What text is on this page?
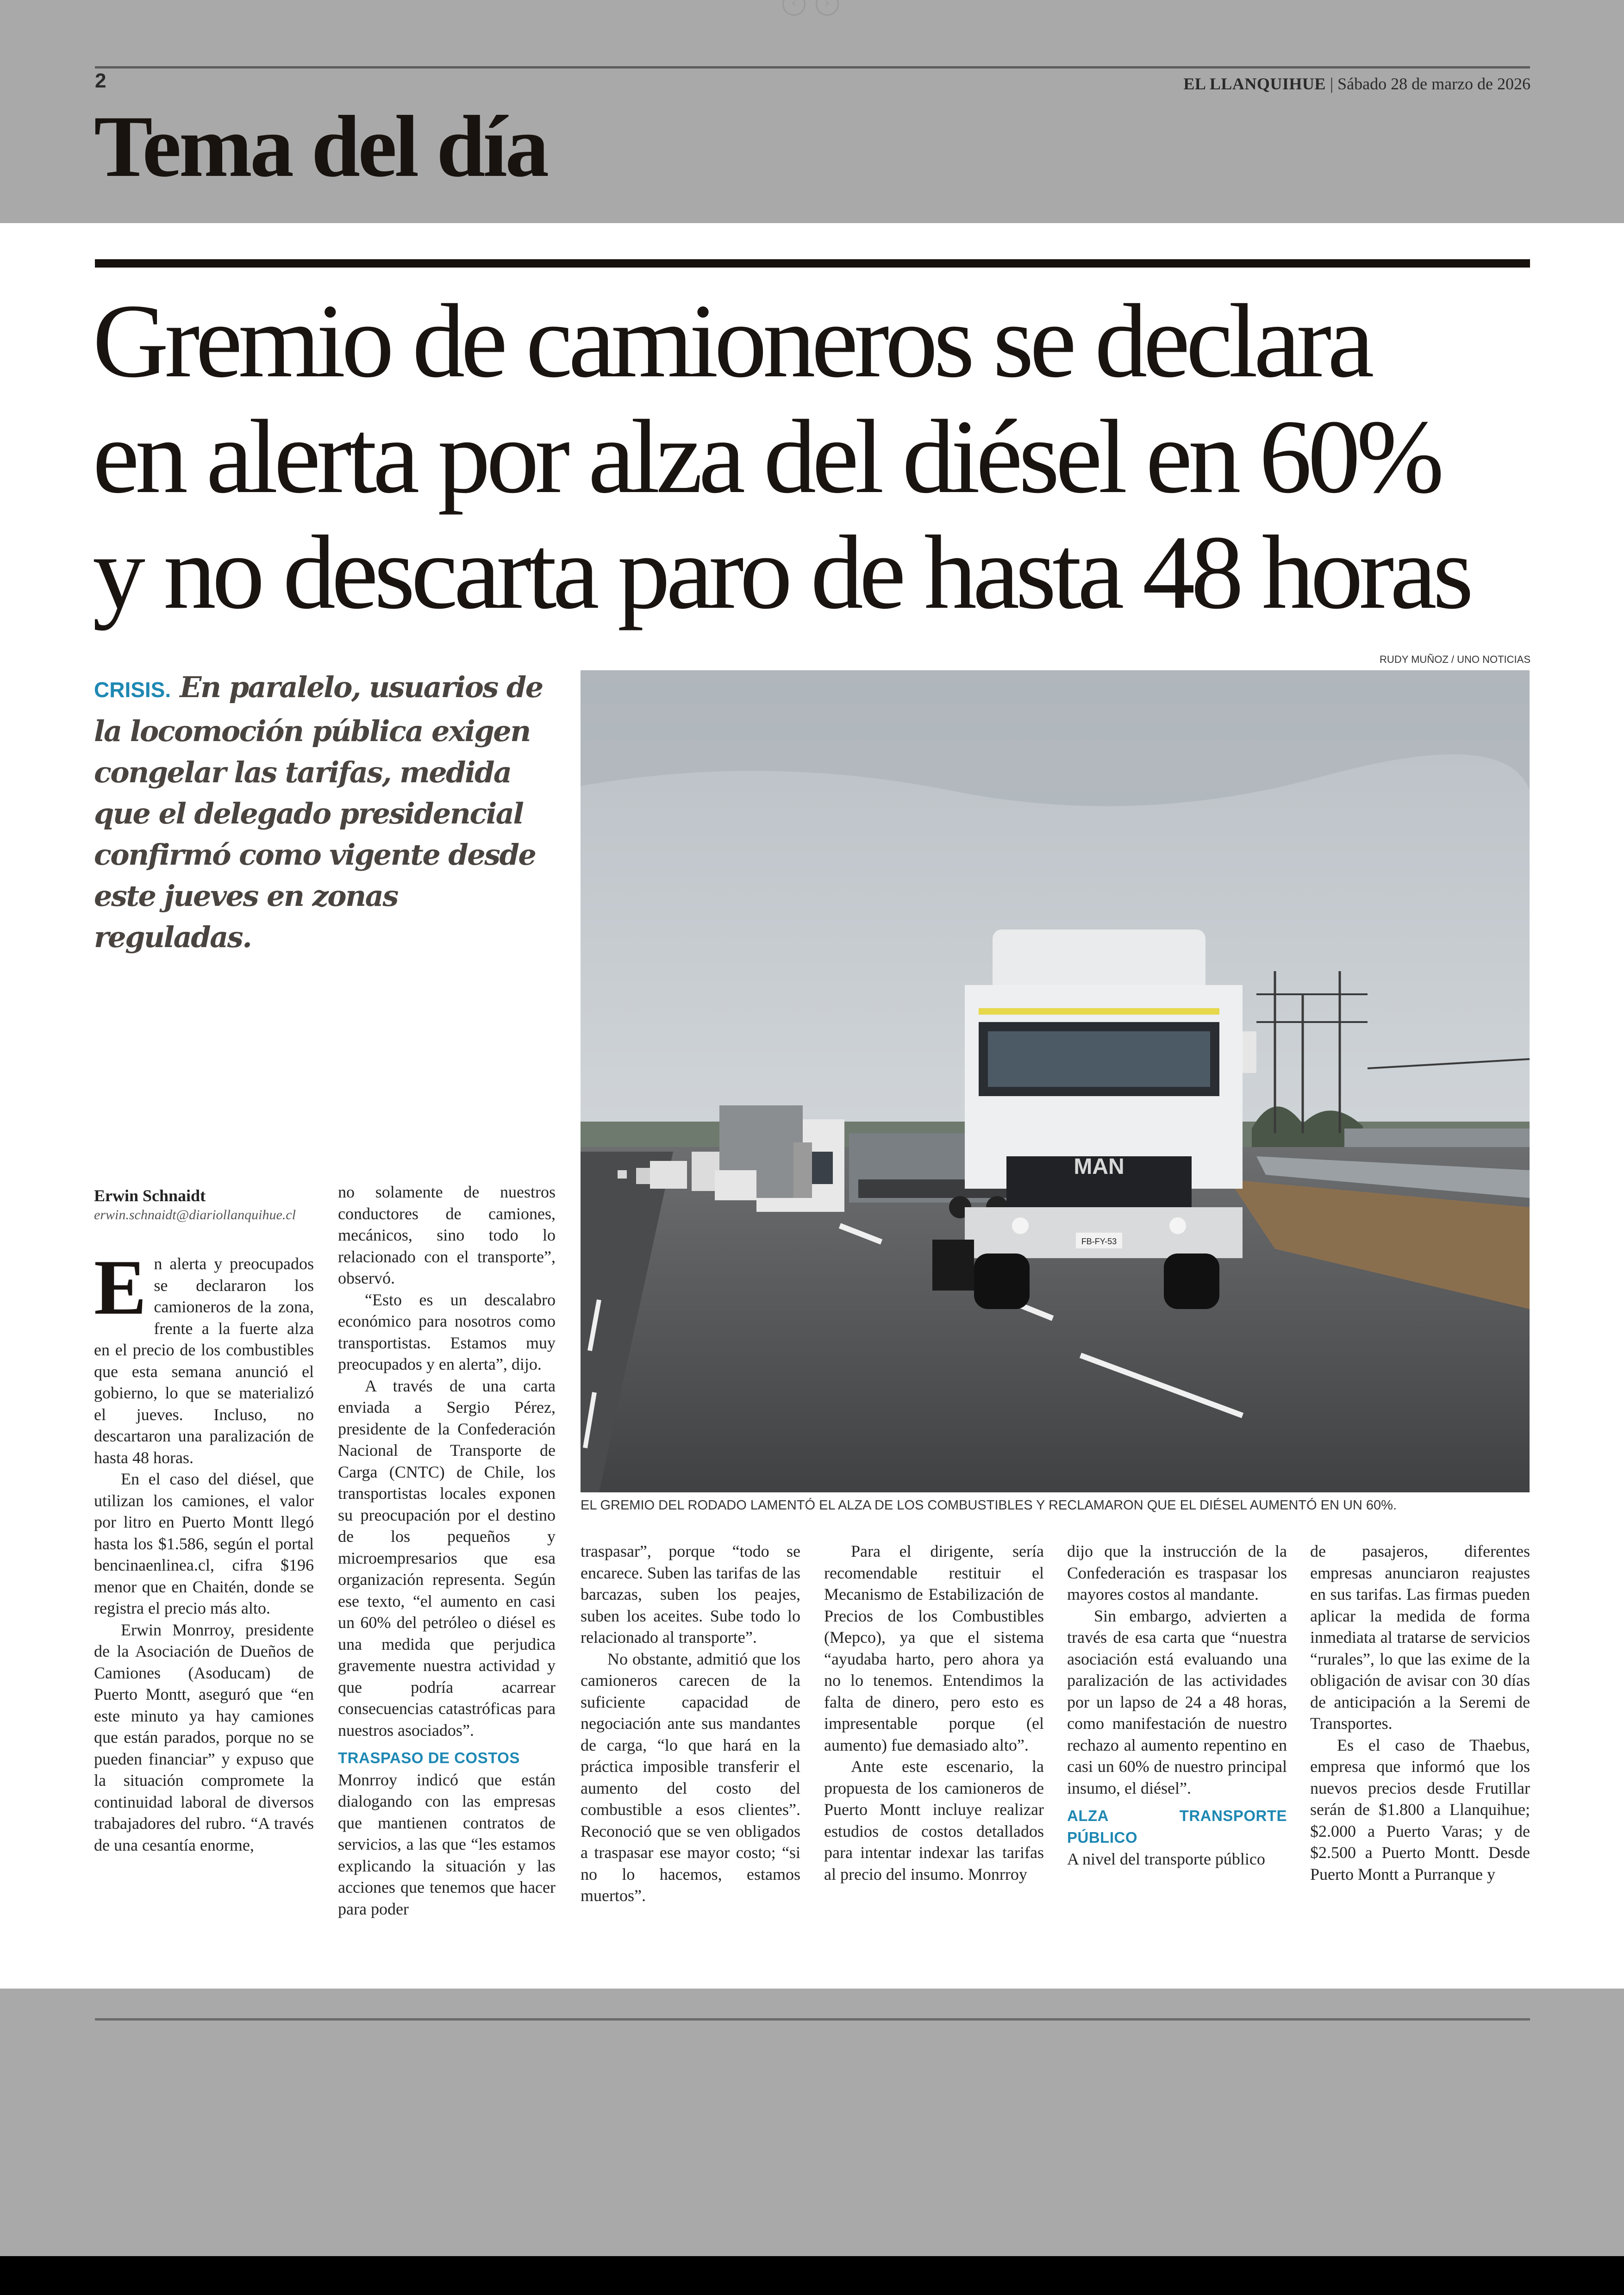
‹	›
2	EL LLANQUIHUE | Sábado 28 de marzo de 2026
Tema del día
Gremio de camioneros se declara
en alerta por alza del diésel en 60%
y no descarta paro de hasta 48 horas
CRISIS. En paralelo, usuarios de la locomoción pública exigen congelar las tarifas, medida que el delegado presidencial confirmó como vigente desde este jueves en zonas reguladas.
RUDY MUÑOZ / UNO NOTICIAS
MAN
FB-FY-53
EL GREMIO DEL RODADO LAMENTÓ EL ALZA DE LOS COMBUSTIBLES Y RECLAMARON QUE EL DIÉSEL AUMENTÓ EN UN 60%.
Erwin Schnaidt
erwin.schnaidt@diariollanquihue.cl

En alerta y preocupados se declararon los camioneros de la zona, frente a la fuerte alza en el precio de los combustibles que esta semana anunció el gobierno, lo que se materializó el jueves. Incluso, no descartaron una paralización de hasta 48 horas.

En el caso del diésel, que utilizan los camiones, el valor por litro en Puerto Montt llegó hasta los $1.586, según el portal bencinaenlinea.cl, cifra $196 menor que en Chaitén, donde se registra el precio más alto.

Erwin Monrroy, presidente de la Asociación de Dueños de Camiones (Asoducam) de Puerto Montt, aseguró que “en este minuto ya hay camiones que están parados, porque no se pueden financiar” y expuso que la situación compromete la continuidad laboral de diversos trabajadores del rubro. “A través de una cesantía enorme,

no solamente de nuestros conductores de camiones, mecánicos, sino todo lo relacionado con el transporte”, observó.

“Esto es un descalabro económico para nosotros como transportistas. Estamos muy preocupados y en alerta”, dijo.

A través de una carta enviada a Sergio Pérez, presidente de la Confederación Nacional de Transporte de Carga (CNTC) de Chile, los transportistas locales exponen su preocupación por el destino de los pequeños y microempresarios que esa organización representa. Según ese texto, “el aumento en casi un 60% del petróleo o diésel es una medida que perjudica gravemente nuestra actividad y que podría acarrear consecuencias catastróficas para nuestros asociados”.

TRASPASO DE COSTOS

Monrroy indicó que están dialogando con las empresas que mantienen contratos de servicios, a las que “les estamos explicando la situación y las acciones que tenemos que hacer para poder

traspasar”, porque “todo se encarece. Suben las tarifas de las barcazas, suben los peajes, suben los aceites. Sube todo lo relacionado al transporte”.

No obstante, admitió que los camioneros carecen de la suficiente capacidad de negociación ante sus mandantes de carga, “lo que hará en la práctica imposible transferir el aumento del costo del combustible a esos clientes”. Reconoció que se ven obligados a traspasar ese mayor costo; “si no lo hacemos, estamos muertos”.

Para el dirigente, sería recomendable restituir el Mecanismo de Estabilización de Precios de los Combustibles (Mepco), ya que el sistema “ayudaba harto, pero ahora ya no lo tenemos. Entendimos la falta de dinero, pero esto es impresentable porque (el aumento) fue demasiado alto”.

Ante este escenario, la propuesta de los camioneros de Puerto Montt incluye realizar estudios de costos detallados para intentar indexar las tarifas al precio del insumo. Monrroy

dijo que la instrucción de la Confederación es traspasar los mayores costos al mandante.

Sin embargo, advierten a través de esa carta que “nuestra asociación está evaluando una paralización de las actividades por un lapso de 24 a 48 horas, como manifestación de nuestro rechazo al aumento repentino en casi un 60% de nuestro principal insumo, el diésel”.

ALZA TRANSPORTE PÚBLICO

A nivel del transporte público

de pasajeros, diferentes empresas anunciaron reajustes en sus tarifas. Las firmas pueden aplicar la medida de forma inmediata al tratarse de servicios “rurales”, lo que las exime de la obligación de avisar con 30 días de anticipación a la Seremi de Transportes.

Es el caso de Thaebus, empresa que informó que los nuevos precios desde Frutillar serán de $1.800 a Llanquihue; $2.000 a Puerto Varas; y de $2.500 a Puerto Montt. Desde Puerto Montt a Purranque y
